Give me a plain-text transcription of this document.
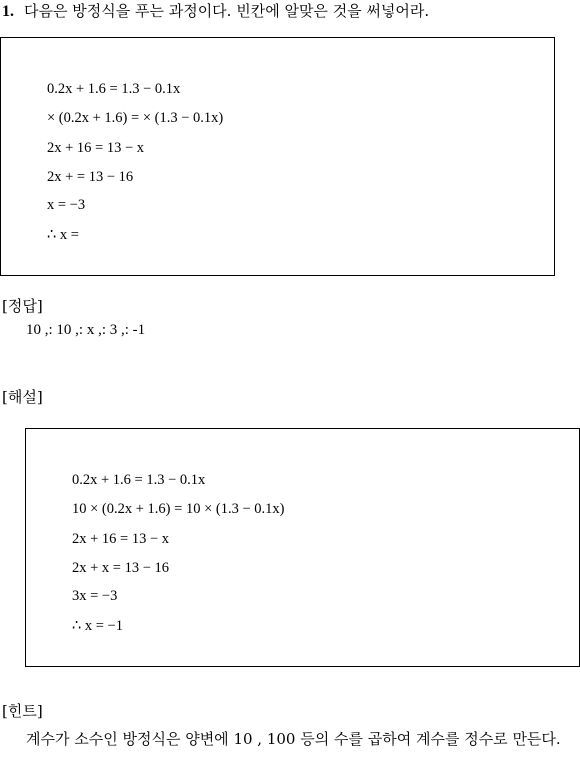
1. 다음은 방정식을 푸는 과정이다. 빈칸에 알맞은 것을 써넣어라.
0.2x + 1.6 = 1.3 − 0.1x
× (0.2x + 1.6) = × (1.3 − 0.1x)
2x + 16 = 13 − x
2x + = 13 − 16
x = −3
∴ x =
[정답]
10 ,: 10 ,: x ,: 3 ,: -1
[해설]
0.2x + 1.6 = 1.3 − 0.1x
10 × (0.2x + 1.6) = 10 × (1.3 − 0.1x)
2x + 16 = 13 − x
2x + x = 13 − 16
3x = −3
∴ x = −1
[힌트]
계수가 소수인 방정식은 양변에 10 , 100 등의 수를 곱하여 계수를 정수로 만든다.
